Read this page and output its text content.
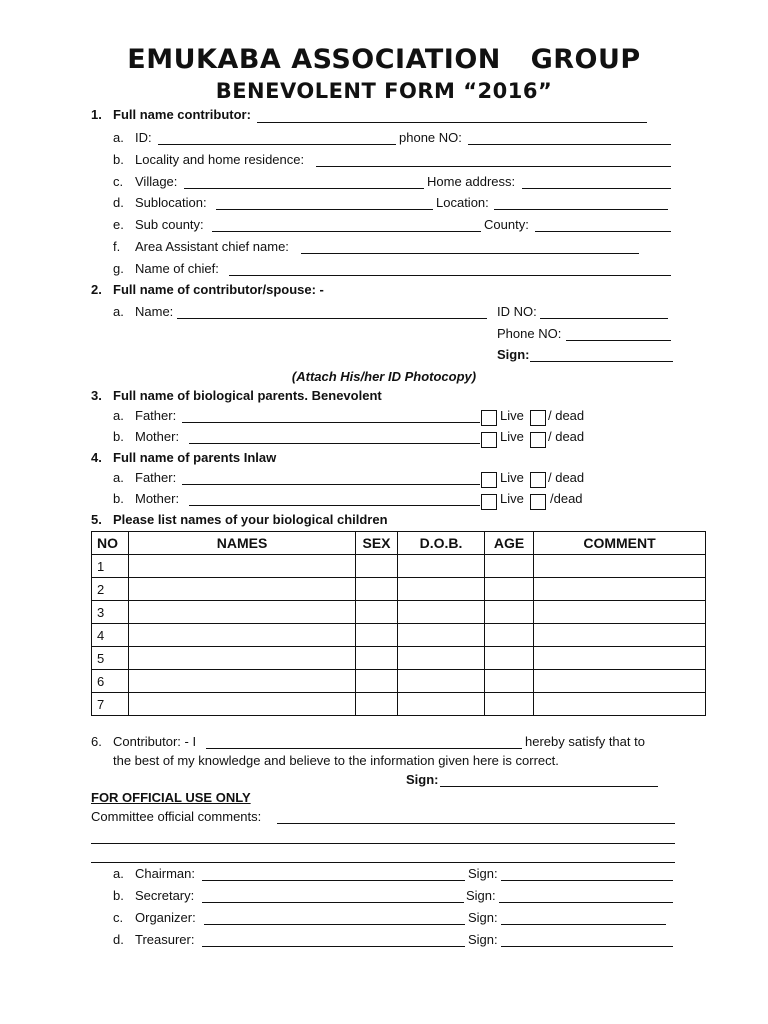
EMUKABA ASSOCIATION   GROUP
BENEVOLENT FORM “2016”
1. Full name contributor:
a. ID:	phone NO:
b. Locality and home residence:
c. Village:	Home address:
d. Sublocation:	Location:
e. Sub county:	County:
f. Area Assistant chief name:
g. Name of chief:
2. Full name of contributor/spouse: -
a. Name:	ID NO:
Phone NO:
Sign:
(Attach His/her ID Photocopy)
3. Full name of biological parents. Benevolent
a. Father:	Live / dead
b. Mother:	Live / dead
4. Full name of parents Inlaw
a. Father:	Live / dead
b. Mother:	Live /dead
5. Please list names of your biological children
NO	NAMES	SEX	D.O.B.	AGE	COMMENT
1					
2					
3					
4					
5					
6					
7					
6. Contributor: - I	hereby satisfy that to
the best of my knowledge and believe to the information given here is correct.
Sign:
FOR OFFICIAL USE ONLY
Committee official comments:
a. Chairman:	Sign:
b. Secretary:	Sign:
c. Organizer:	Sign:
d. Treasurer:	Sign:
